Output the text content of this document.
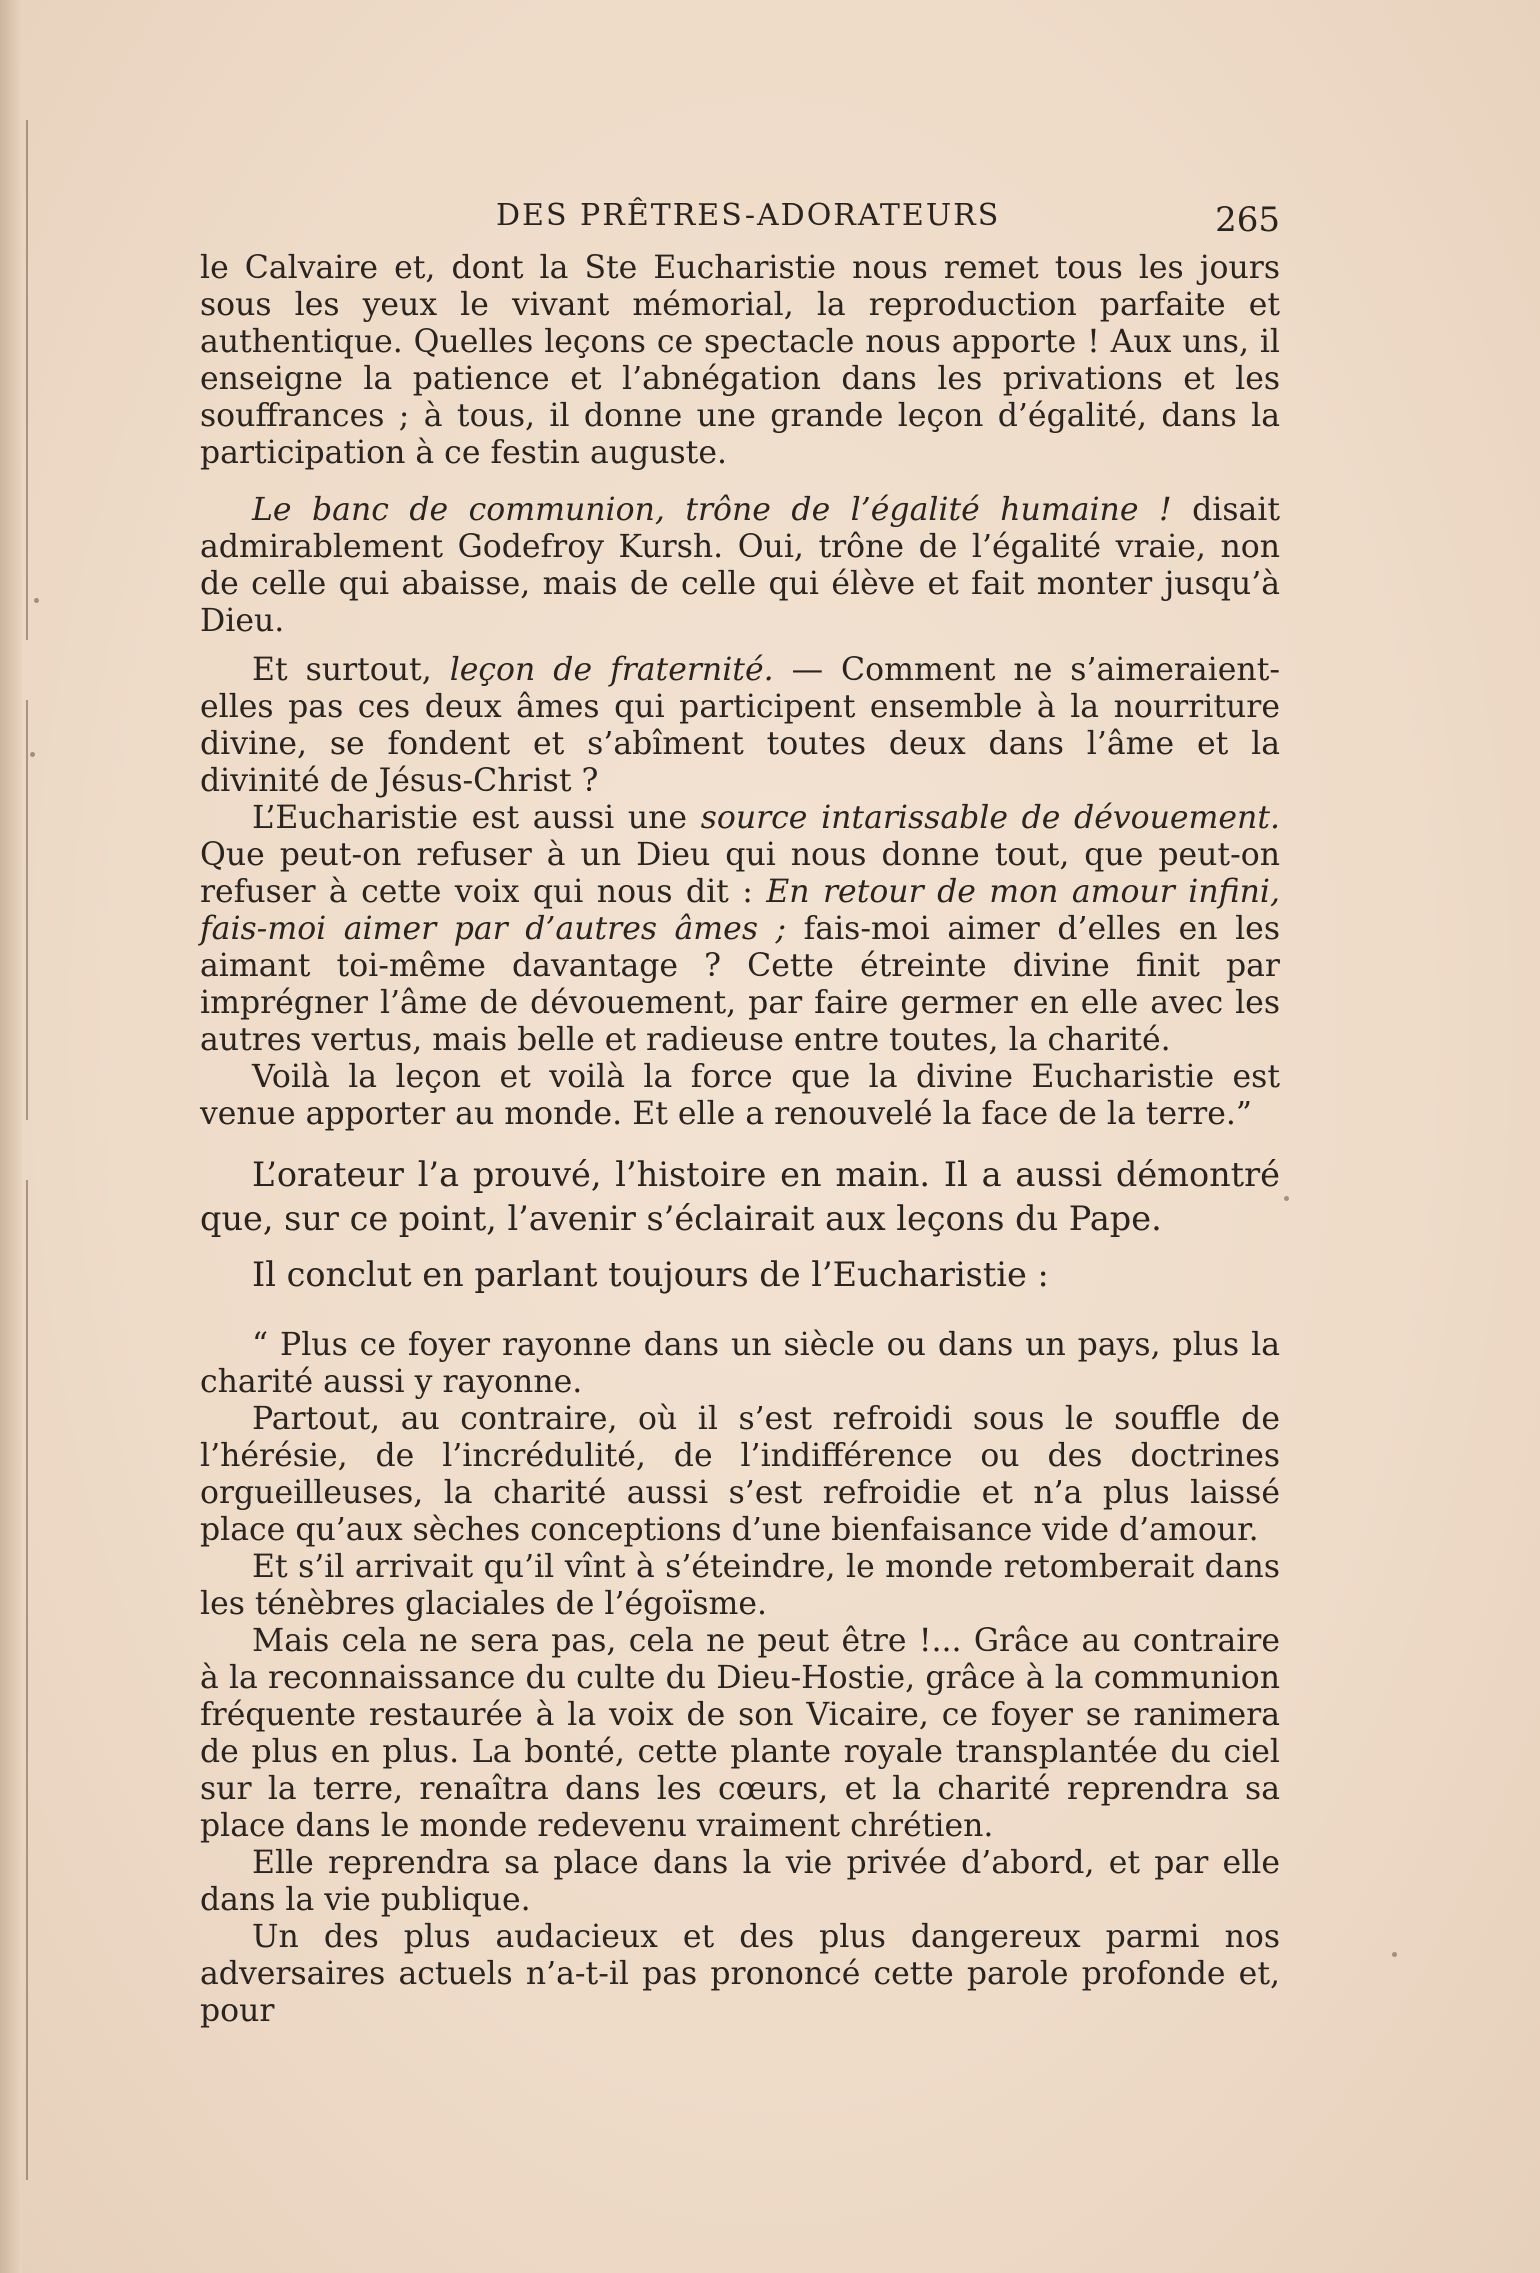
DES PRÊTRES-ADORATEURS	265

le Calvaire et, dont la Ste Eucharistie nous remet tous les jours sous les yeux le vivant mémorial, la reproduction parfaite et authentique. Quelles leçons ce spectacle nous apporte ! Aux uns, il enseigne la patience et l’abnégation dans les privations et les souffrances ; à tous, il donne une grande leçon d’égalité, dans la participation à ce festin auguste.

Le banc de communion, trône de l’égalité humaine ! disait admirablement Godefroy Kursh. Oui, trône de l’égalité vraie, non de celle qui abaisse, mais de celle qui élève et fait monter jusqu’à Dieu.

Et surtout, leçon de fraternité. — Comment ne s’aimeraient-elles pas ces deux âmes qui participent ensemble à la nourriture divine, se fondent et s’abîment toutes deux dans l’âme et la divinité de Jésus-Christ ?

L’Eucharistie est aussi une source intarissable de dévouement. Que peut-on refuser à un Dieu qui nous donne tout, que peut-on refuser à cette voix qui nous dit : En retour de mon amour infini, fais-moi aimer par d’autres âmes ; fais-moi aimer d’elles en les aimant toi-même davantage ? Cette étreinte divine finit par imprégner l’âme de dévouement, par faire germer en elle avec les autres vertus, mais belle et radieuse entre toutes, la charité.

Voilà la leçon et voilà la force que la divine Eucharistie est venue apporter au monde. Et elle a renouvelé la face de la terre.”

L’orateur l’a prouvé, l’histoire en main. Il a aussi démontré que, sur ce point, l’avenir s’éclairait aux leçons du Pape.

Il conclut en parlant toujours de l’Eucharistie :

“ Plus ce foyer rayonne dans un siècle ou dans un pays, plus la charité aussi y rayonne.

Partout, au contraire, où il s’est refroidi sous le souffle de l’hérésie, de l’incrédulité, de l’indifférence ou des doctrines orgueilleuses, la charité aussi s’est refroidie et n’a plus laissé place qu’aux sèches conceptions d’une bienfaisance vide d’amour.

Et s’il arrivait qu’il vînt à s’éteindre, le monde retomberait dans les ténèbres glaciales de l’égoïsme.

Mais cela ne sera pas, cela ne peut être !... Grâce au contraire à la reconnaissance du culte du Dieu-Hostie, grâce à la communion fréquente restaurée à la voix de son Vicaire, ce foyer se ranimera de plus en plus. La bonté, cette plante royale transplantée du ciel sur la terre, renaîtra dans les cœurs, et la charité reprendra sa place dans le monde redevenu vraiment chrétien.

Elle reprendra sa place dans la vie privée d’abord, et par elle dans la vie publique.

Un des plus audacieux et des plus dangereux parmi nos adversaires actuels n’a-t-il pas prononcé cette parole profonde et, pour
